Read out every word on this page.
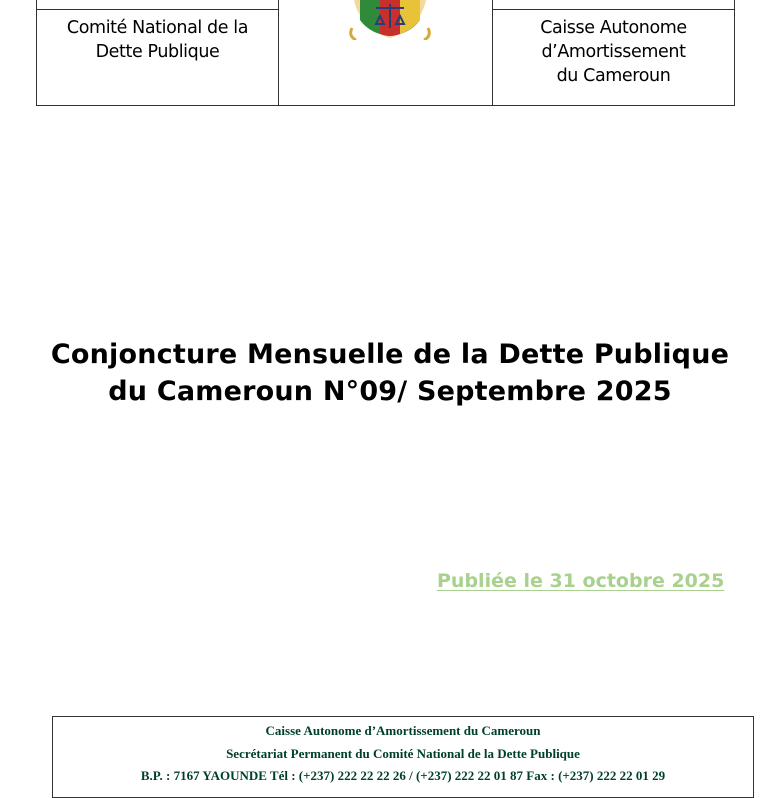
Comité National de la Dette Publique

Caisse Autonome d’Amortissement du Cameroun
Conjoncture Mensuelle de la Dette Publique
du Cameroun N°09/ Septembre 2025
Publiée le 31 octobre 2025
Caisse Autonome d’Amortissement du Cameroun
Secrétariat Permanent du Comité National de la Dette Publique
B.P. : 7167 YAOUNDE Tél : (+237) 222 22 22 26 / (+237) 222 22 01 87 Fax : (+237) 222 22 01 29
